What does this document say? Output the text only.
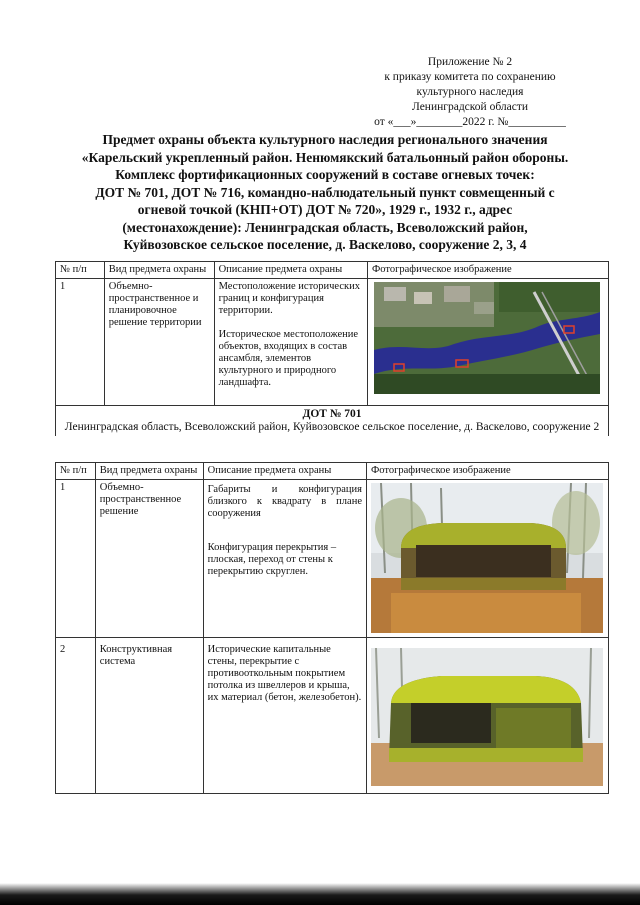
Приложение № 2
к приказу комитета по сохранению
культурного наследия
Ленинградской области
от «___»________2022 г. №__________
Предмет охраны объекта культурного наследия регионального значения
«Карельский укрепленный район. Ненюмякский батальонный район обороны.
Комплекс фортификационных сооружений в составе огневых точек:
ДОТ № 701, ДОТ № 716, командно-наблюдательный пункт совмещенный с
огневой точкой (КНП+ОТ) ДОТ № 720», 1929 г., 1932 г., адрес
(местонахождение): Ленинградская область, Всеволожский район,
Куйвозовское сельское поселение, д. Васкелово, сооружение 2, 3, 4
№ п/п	Вид предмета охраны	Описание предмета охраны	Фотографическое изображение
1	Объемно-пространственное и планировочное решение территории	Местоположение исторических границ и конфигурация территории.

Историческое местоположение объектов, входящих в состав ансамбля, элементов культурного и природного ландшафта.

ДОТ № 701
Ленинградская область, Всеволожский район, Куйвозовское сельское поселение, д. Васкелово, сооружение 2			
№ п/п	Вид предмета охраны	Описание предмета охраны	Фотографическое изображение
1	Объемно-пространственное решение	Габариты и конфигурация близкого к квадрату в плане сооружения

Конфигурация перекрытия – плоская, переход от стены к перекрытию скруглен.

2	Конструктивная система	Исторические капитальные стены, перекрытие с противооткольным покрытием потолка из швеллеров и крыша, их материал (бетон, железобетон).
